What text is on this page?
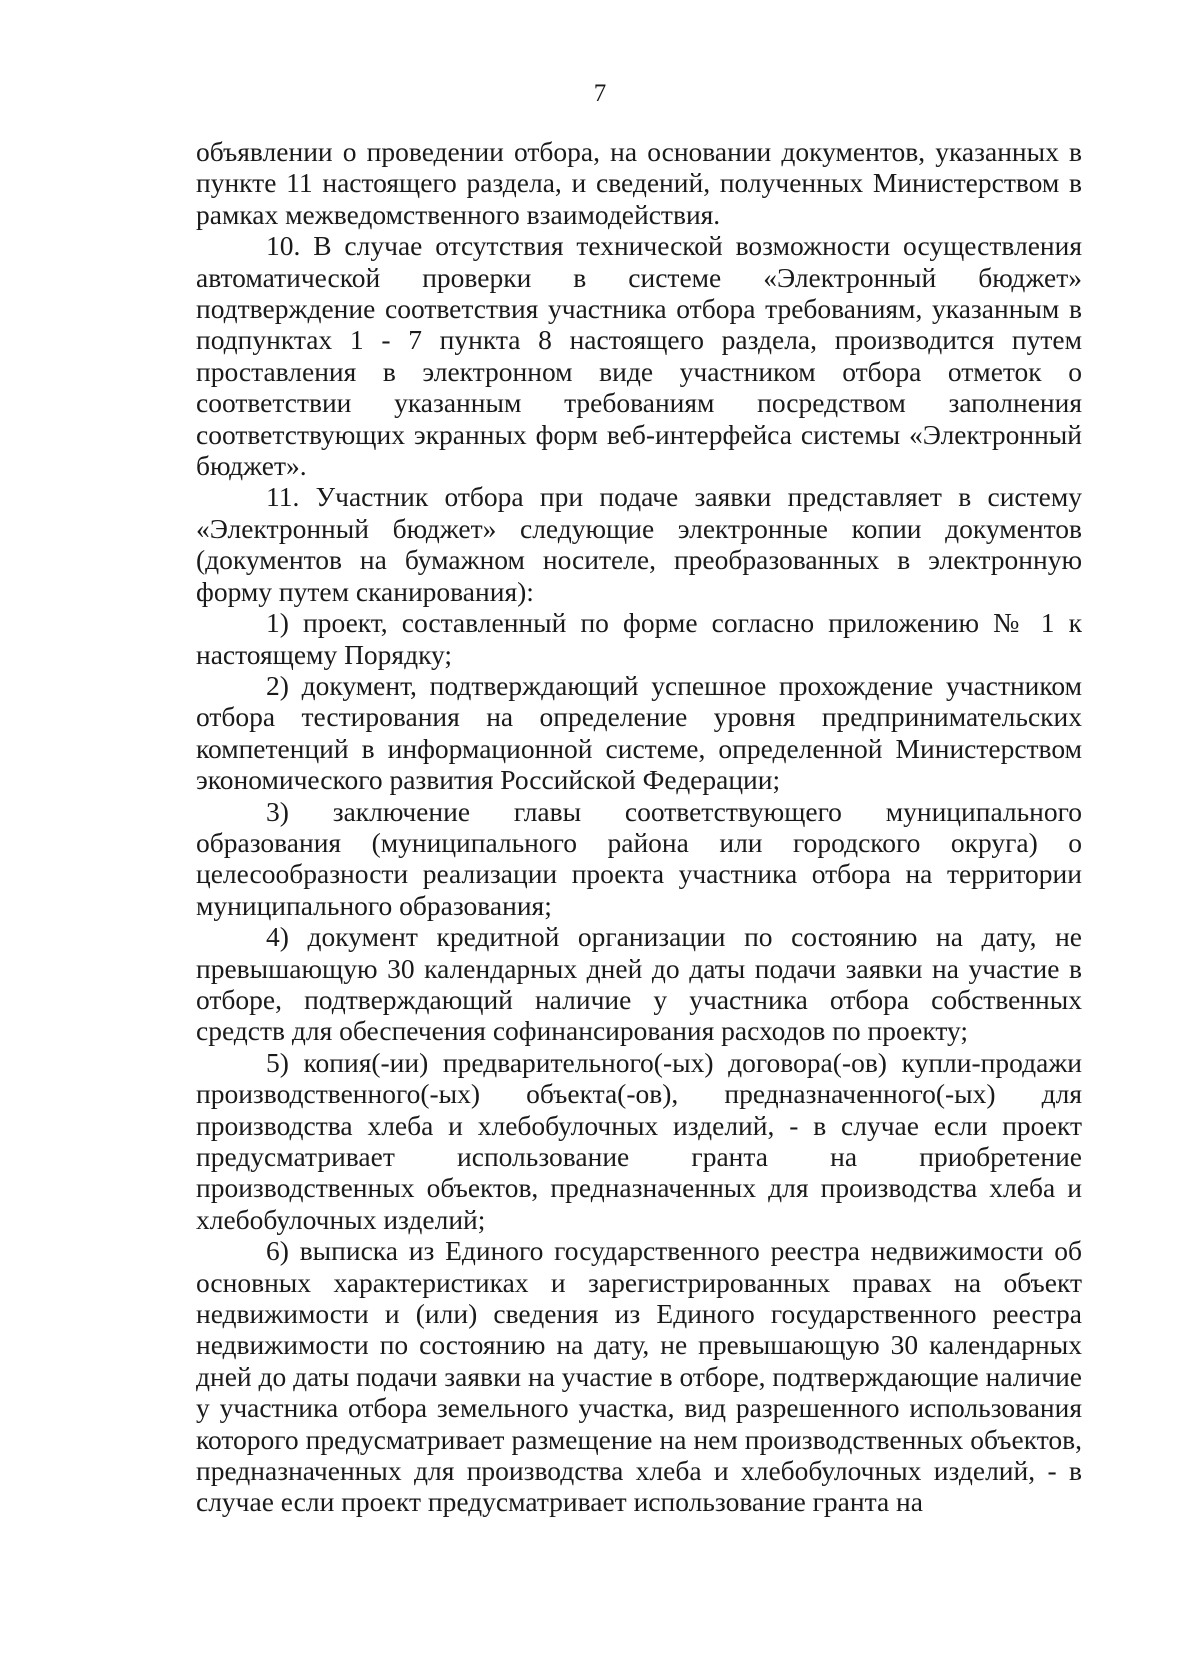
7

объявлении о проведении отбора, на основании документов, указанных в пункте 11 настоящего раздела, и сведений, полученных Министерством в рамках межведомственного взаимодействия.

10. В случае отсутствия технической возможности осуществления автоматической проверки в системе «Электронный бюджет» подтверждение соответствия участника отбора требованиям, указанным в подпунктах 1 - 7 пункта 8 настоящего раздела, производится путем проставления в электронном виде участником отбора отметок о соответствии указанным требованиям посредством заполнения соответствующих экранных форм веб-интерфейса системы «Электронный бюджет».

11. Участник отбора при подаче заявки представляет в систему «Электронный бюджет» следующие электронные копии документов (документов на бумажном носителе, преобразованных в электронную форму путем сканирования):

1) проект, составленный по форме согласно приложению № 1 к настоящему Порядку;

2) документ, подтверждающий успешное прохождение участником отбора тестирования на определение уровня предпринимательских компетенций в информационной системе, определенной Министерством экономического развития Российской Федерации;

3) заключение главы соответствующего муниципального образования (муниципального района или городского округа) о целесообразности реализации проекта участника отбора на территории муниципального образования;

4) документ кредитной организации по состоянию на дату, не превышающую 30 календарных дней до даты подачи заявки на участие в отборе, подтверждающий наличие у участника отбора собственных средств для обеспечения софинансирования расходов по проекту;

5) копия(-ии) предварительного(-ых) договора(-ов) купли-продажи производственного(-ых) объекта(-ов), предназначенного(-ых) для производства хлеба и хлебобулочных изделий, - в случае если проект предусматривает использование гранта на приобретение производственных объектов, предназначенных для производства хлеба и хлебобулочных изделий;

6) выписка из Единого государственного реестра недвижимости об основных характеристиках и зарегистрированных правах на объект недвижимости и (или) сведения из Единого государственного реестра недвижимости по состоянию на дату, не превышающую 30 календарных дней до даты подачи заявки на участие в отборе, подтверждающие наличие у участника отбора земельного участка, вид разрешенного использования которого предусматривает размещение на нем производственных объектов, предназначенных для производства хлеба и хлебобулочных изделий, - в случае если проект предусматривает использование гранта на
